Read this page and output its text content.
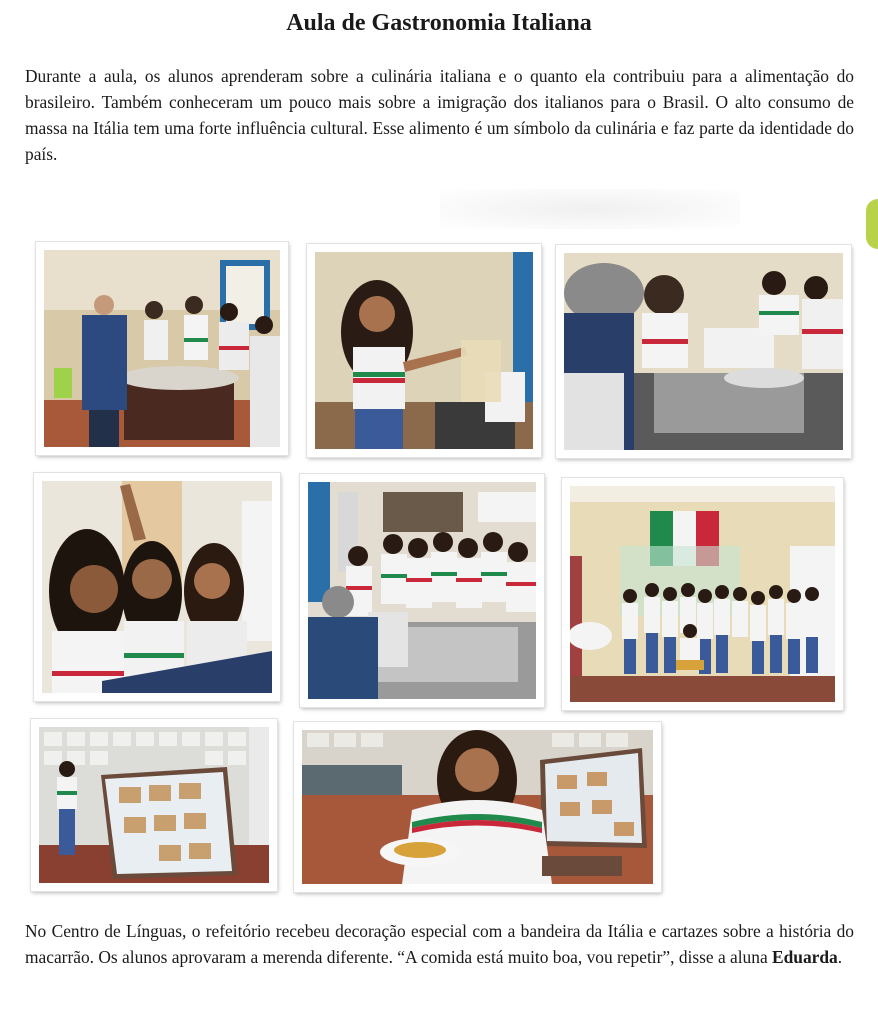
Aula de Gastronomia Italiana

Durante a aula, os alunos aprenderam sobre a culinária italiana e o quanto ela contribuiu para a alimentação do brasileiro. Também conheceram um pouco mais sobre a imigração dos italianos para o Brasil. O alto consumo de massa na Itália tem uma forte influência cultural. Esse alimento é um símbolo da culinária e faz parte da identidade do país.

No Centro de Línguas, o refeitório recebeu decoração especial com a bandeira da Itália e cartazes sobre a história do macarrão. Os alunos aprovaram a merenda diferente. “A comida está muito boa, vou repetir”, disse a aluna Eduarda.
